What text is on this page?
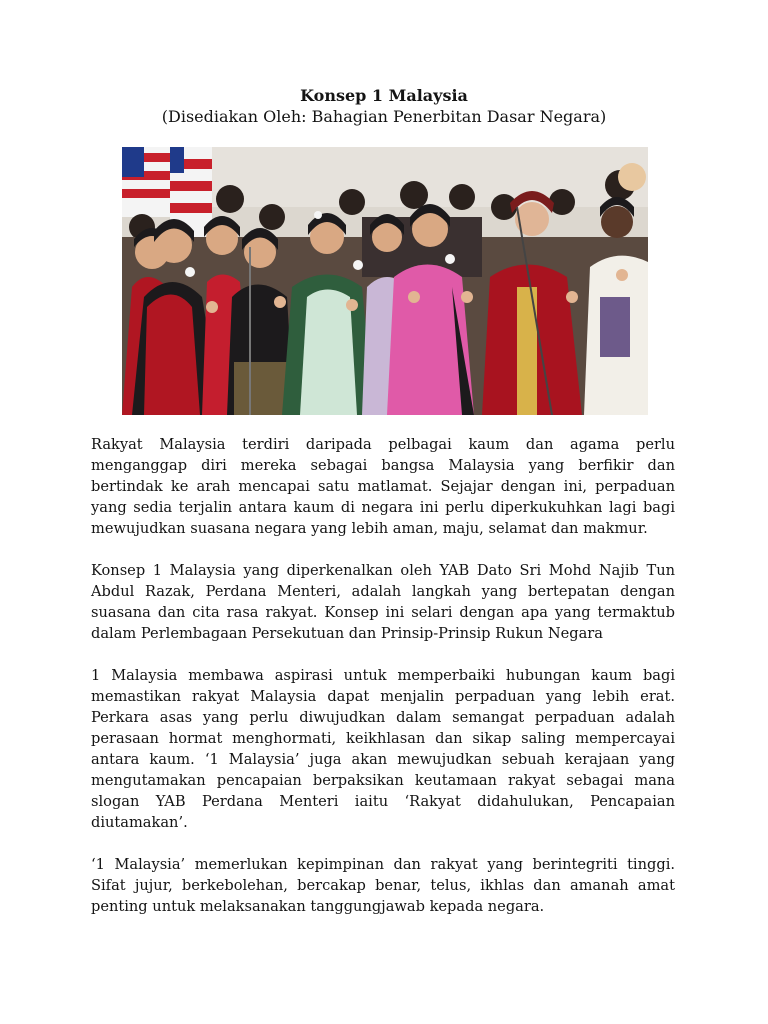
Konsep 1 Malaysia
(Disediakan Oleh: Bahagian Penerbitan Dasar Negara)

Rakyat Malaysia terdiri daripada pelbagai kaum dan agama perlu menganggap diri mereka sebagai bangsa Malaysia yang berfikir dan bertindak ke arah mencapai satu matlamat. Sejajar dengan ini, perpaduan yang sedia terjalin antara kaum di negara ini perlu diperkukuhkan lagi bagi mewujudkan suasana negara yang lebih aman, maju, selamat dan makmur.

Konsep 1 Malaysia yang diperkenalkan oleh YAB Dato Sri Mohd Najib Tun Abdul Razak, Perdana Menteri, adalah langkah yang bertepatan dengan suasana dan cita rasa rakyat. Konsep ini selari dengan apa yang termaktub dalam Perlembagaan Persekutuan dan Prinsip-Prinsip Rukun Negara

1 Malaysia membawa aspirasi untuk memperbaiki hubungan kaum bagi memastikan rakyat Malaysia dapat menjalin perpaduan yang lebih erat. Perkara asas yang perlu diwujudkan dalam semangat perpaduan adalah perasaan hormat menghormati, keikhlasan dan sikap saling mempercayai antara kaum. ‘1 Malaysia’ juga akan mewujudkan sebuah kerajaan yang mengutamakan pencapaian berpaksikan keutamaan rakyat sebagai mana slogan YAB Perdana Menteri iaitu ‘Rakyat didahulukan, Pencapaian diutamakan’.

‘1 Malaysia’ memerlukan kepimpinan dan rakyat yang berintegriti tinggi. Sifat jujur, berkebolehan, bercakap benar, telus, ikhlas dan amanah amat penting untuk melaksanakan tanggungjawab kepada negara.
